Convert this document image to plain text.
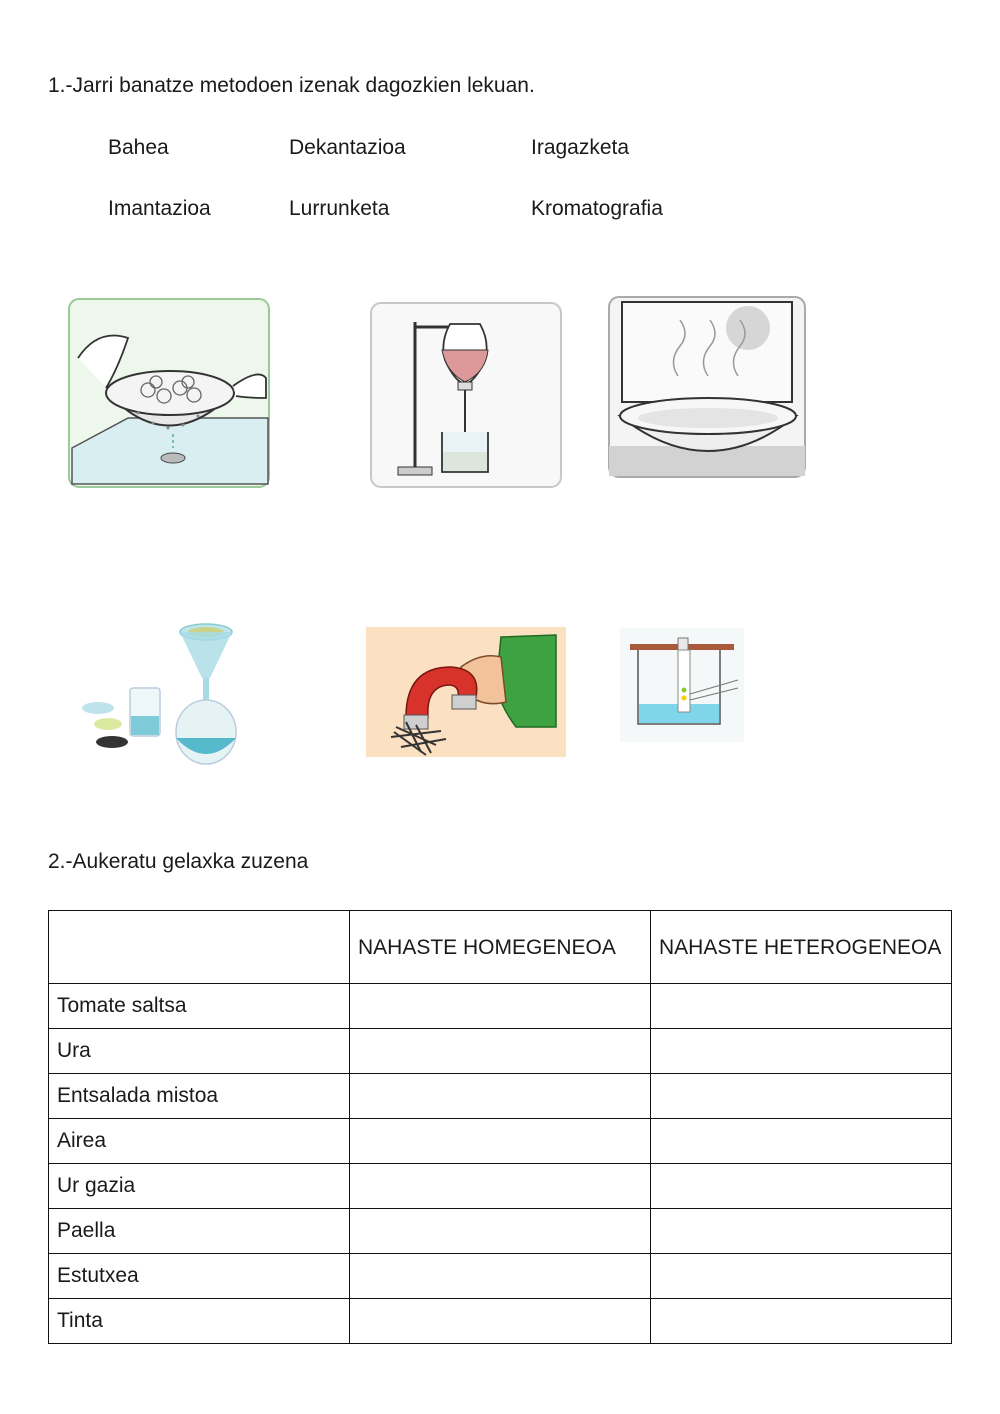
1.-Jarri banatze metodoen izenak dagozkien lekuan.
Bahea	Dekantazioa	Iragazketa
Imantazioa	Lurrunketa	Kromatografia
2.-Aukeratu gelaxka zuzena
	NAHASTE HOMEGENEOA	NAHASTE HETEROGENEOA
Tomate saltsa		
Ura		
Entsalada mistoa		
Airea		
Ur gazia		
Paella		
Estutxea		
Tinta		
